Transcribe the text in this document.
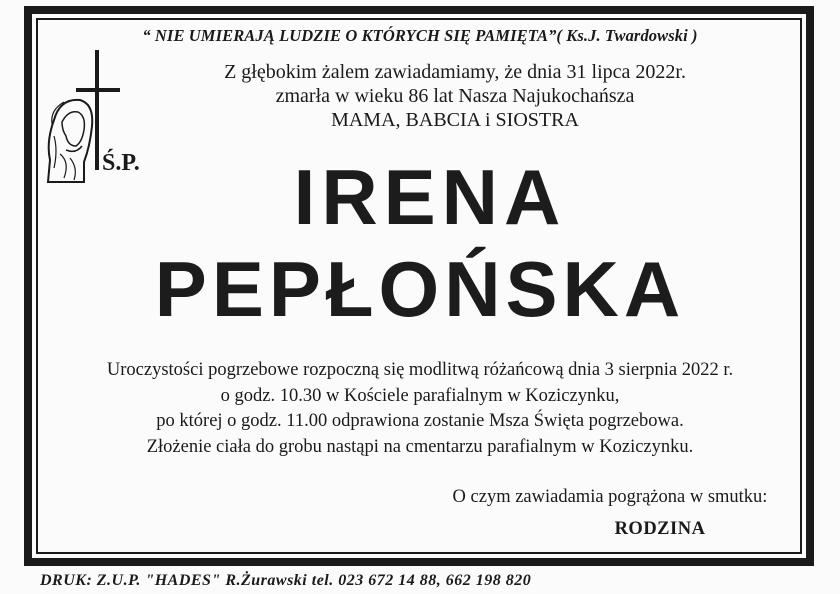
“ NIE UMIERAJĄ LUDZIE O KTÓRYCH SIĘ PAMIĘTA”( Ks.J. Twardowski )
Ś.P.
Z głębokim żalem zawiadamiamy, że dnia 31 lipca 2022r.
zmarła w wieku 86 lat Nasza Najukochańsza
MAMA, BABCIA i SIOSTRA
IRENA
PEPŁOŃSKA
Uroczystości pogrzebowe rozpoczną się modlitwą różańcową dnia 3 sierpnia 2022 r.
o godz. 10.30 w Kościele parafialnym w Koziczynku,
po której o godz. 11.00 odprawiona zostanie Msza Święta pogrzebowa.
Złożenie ciała do grobu nastąpi na cmentarzu parafialnym w Koziczynku.
O czym zawiadamia pogrążona w smutku:
RODZINA
DRUK: Z.U.P. "HADES" R.Żurawski tel. 023 672 14 88, 662 198 820
